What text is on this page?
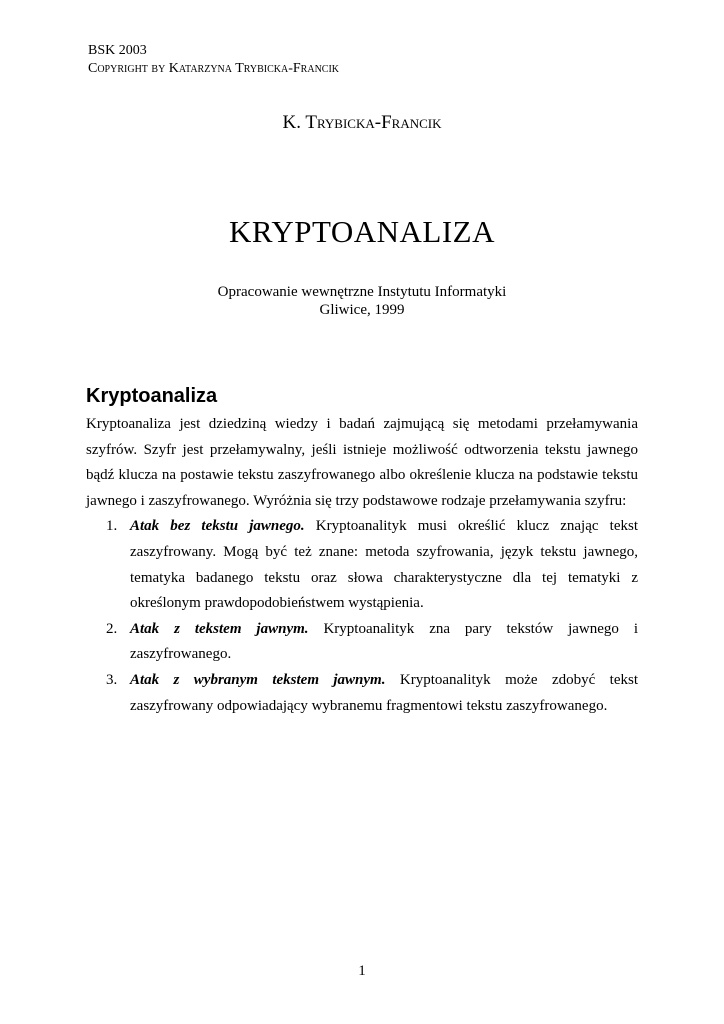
BSK 2003
Copyright by Katarzyna Trybicka-Francik
K. Trybicka-Francik
KRYPTOANALIZA
Opracowanie wewnętrzne Instytutu Informatyki
Gliwice, 1999
Kryptoanaliza

Kryptoanaliza jest dziedziną wiedzy i badań zajmującą się metodami przełamywania szyfrów. Szyfr jest przełamywalny, jeśli istnieje możliwość odtworzenia tekstu jawnego bądź klucza na postawie tekstu zaszyfrowanego albo określenie klucza na podstawie tekstu jawnego i zaszyfrowanego. Wyróżnia się trzy podstawowe rodzaje przełamywania szyfru:

1. Atak bez tekstu jawnego. Kryptoanalityk musi określić klucz znając tekst zaszyfrowany. Mogą być też znane: metoda szyfrowania, język tekstu jawnego, tematyka badanego tekstu oraz słowa charakterystyczne dla tej tematyki z określonym prawdopodobieństwem wystąpienia.
2. Atak z tekstem jawnym. Kryptoanalityk zna pary tekstów jawnego i zaszyfrowanego.
3. Atak z wybranym tekstem jawnym. Kryptoanalityk może zdobyć tekst zaszyfrowany odpowiadający wybranemu fragmentowi tekstu zaszyfrowanego.
1
